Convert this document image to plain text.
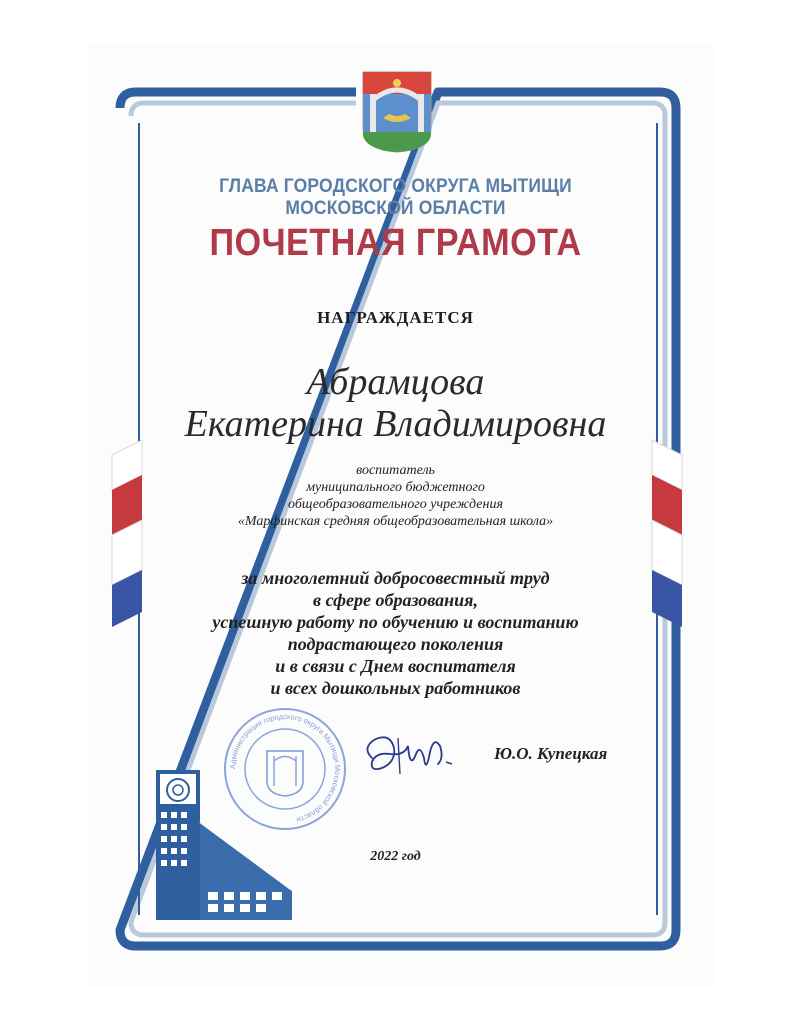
ГЛАВА ГОРОДСКОГО ОКРУГА МЫТИЩИ
МОСКОВСКОЙ ОБЛАСТИ
ПОЧЕТНАЯ ГРАМОТА
НАГРАЖДАЕТСЯ
Абрамцова
Екатерина Владимировна
воспитатель
муниципального бюджетного
общеобразовательного учреждения
«Марфинская средняя общеобразовательная школа»
за многолетний добросовестный труд
в сфере образования,
успешную работу по обучению и воспитанию
подрастающего поколения
и в связи с Днем воспитателя
и всех дошкольных работников
Администрация городского округа Мытищи Московской области
Ю.О. Купецкая
2022 год
